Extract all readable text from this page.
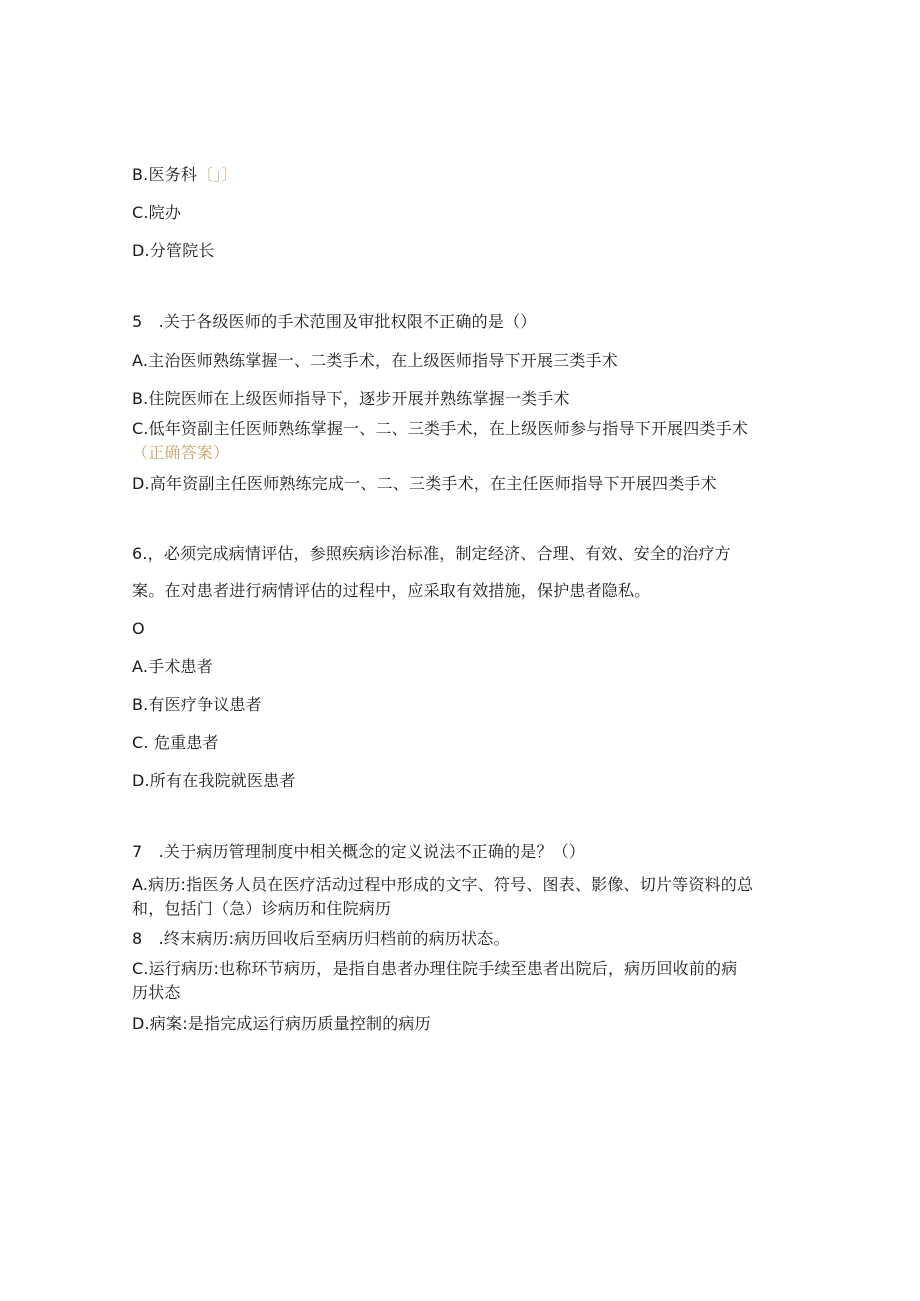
B.医务科〔」〕
C.院办
D.分管院长
5　.关于各级医师的手术范围及审批权限不正确的是（）
A.主治医师熟练掌握一、二类手术，在上级医师指导下开展三类手术
B.住院医师在上级医师指导下，逐步开展并熟练掌握一类手术
C.低年资副主任医师熟练掌握一、二、三类手术，在上级医师参与指导下开展四类手术
（正确答案）
D.高年资副主任医师熟练完成一、二、三类手术，在主任医师指导下开展四类手术
6.，必须完成病情评估，参照疾病诊治标准，制定经济、合理、有效、安全的治疗方
案。在对患者进行病情评估的过程中，应采取有效措施，保护患者隐私。
O
A.手术患者
B.有医疗争议患者
C. 危重患者
D.所有在我院就医患者
7　.关于病历管理制度中相关概念的定义说法不正确的是？（）
A.病历:指医务人员在医疗活动过程中形成的文字、符号、图表、影像、切片等资料的总
和，包括门（急）诊病历和住院病历
8　.终末病历:病历回收后至病历归档前的病历状态。
C.运行病历:也称环节病历，是指自患者办理住院手续至患者出院后，病历回收前的病
历状态
D.病案:是指完成运行病历质量控制的病历
